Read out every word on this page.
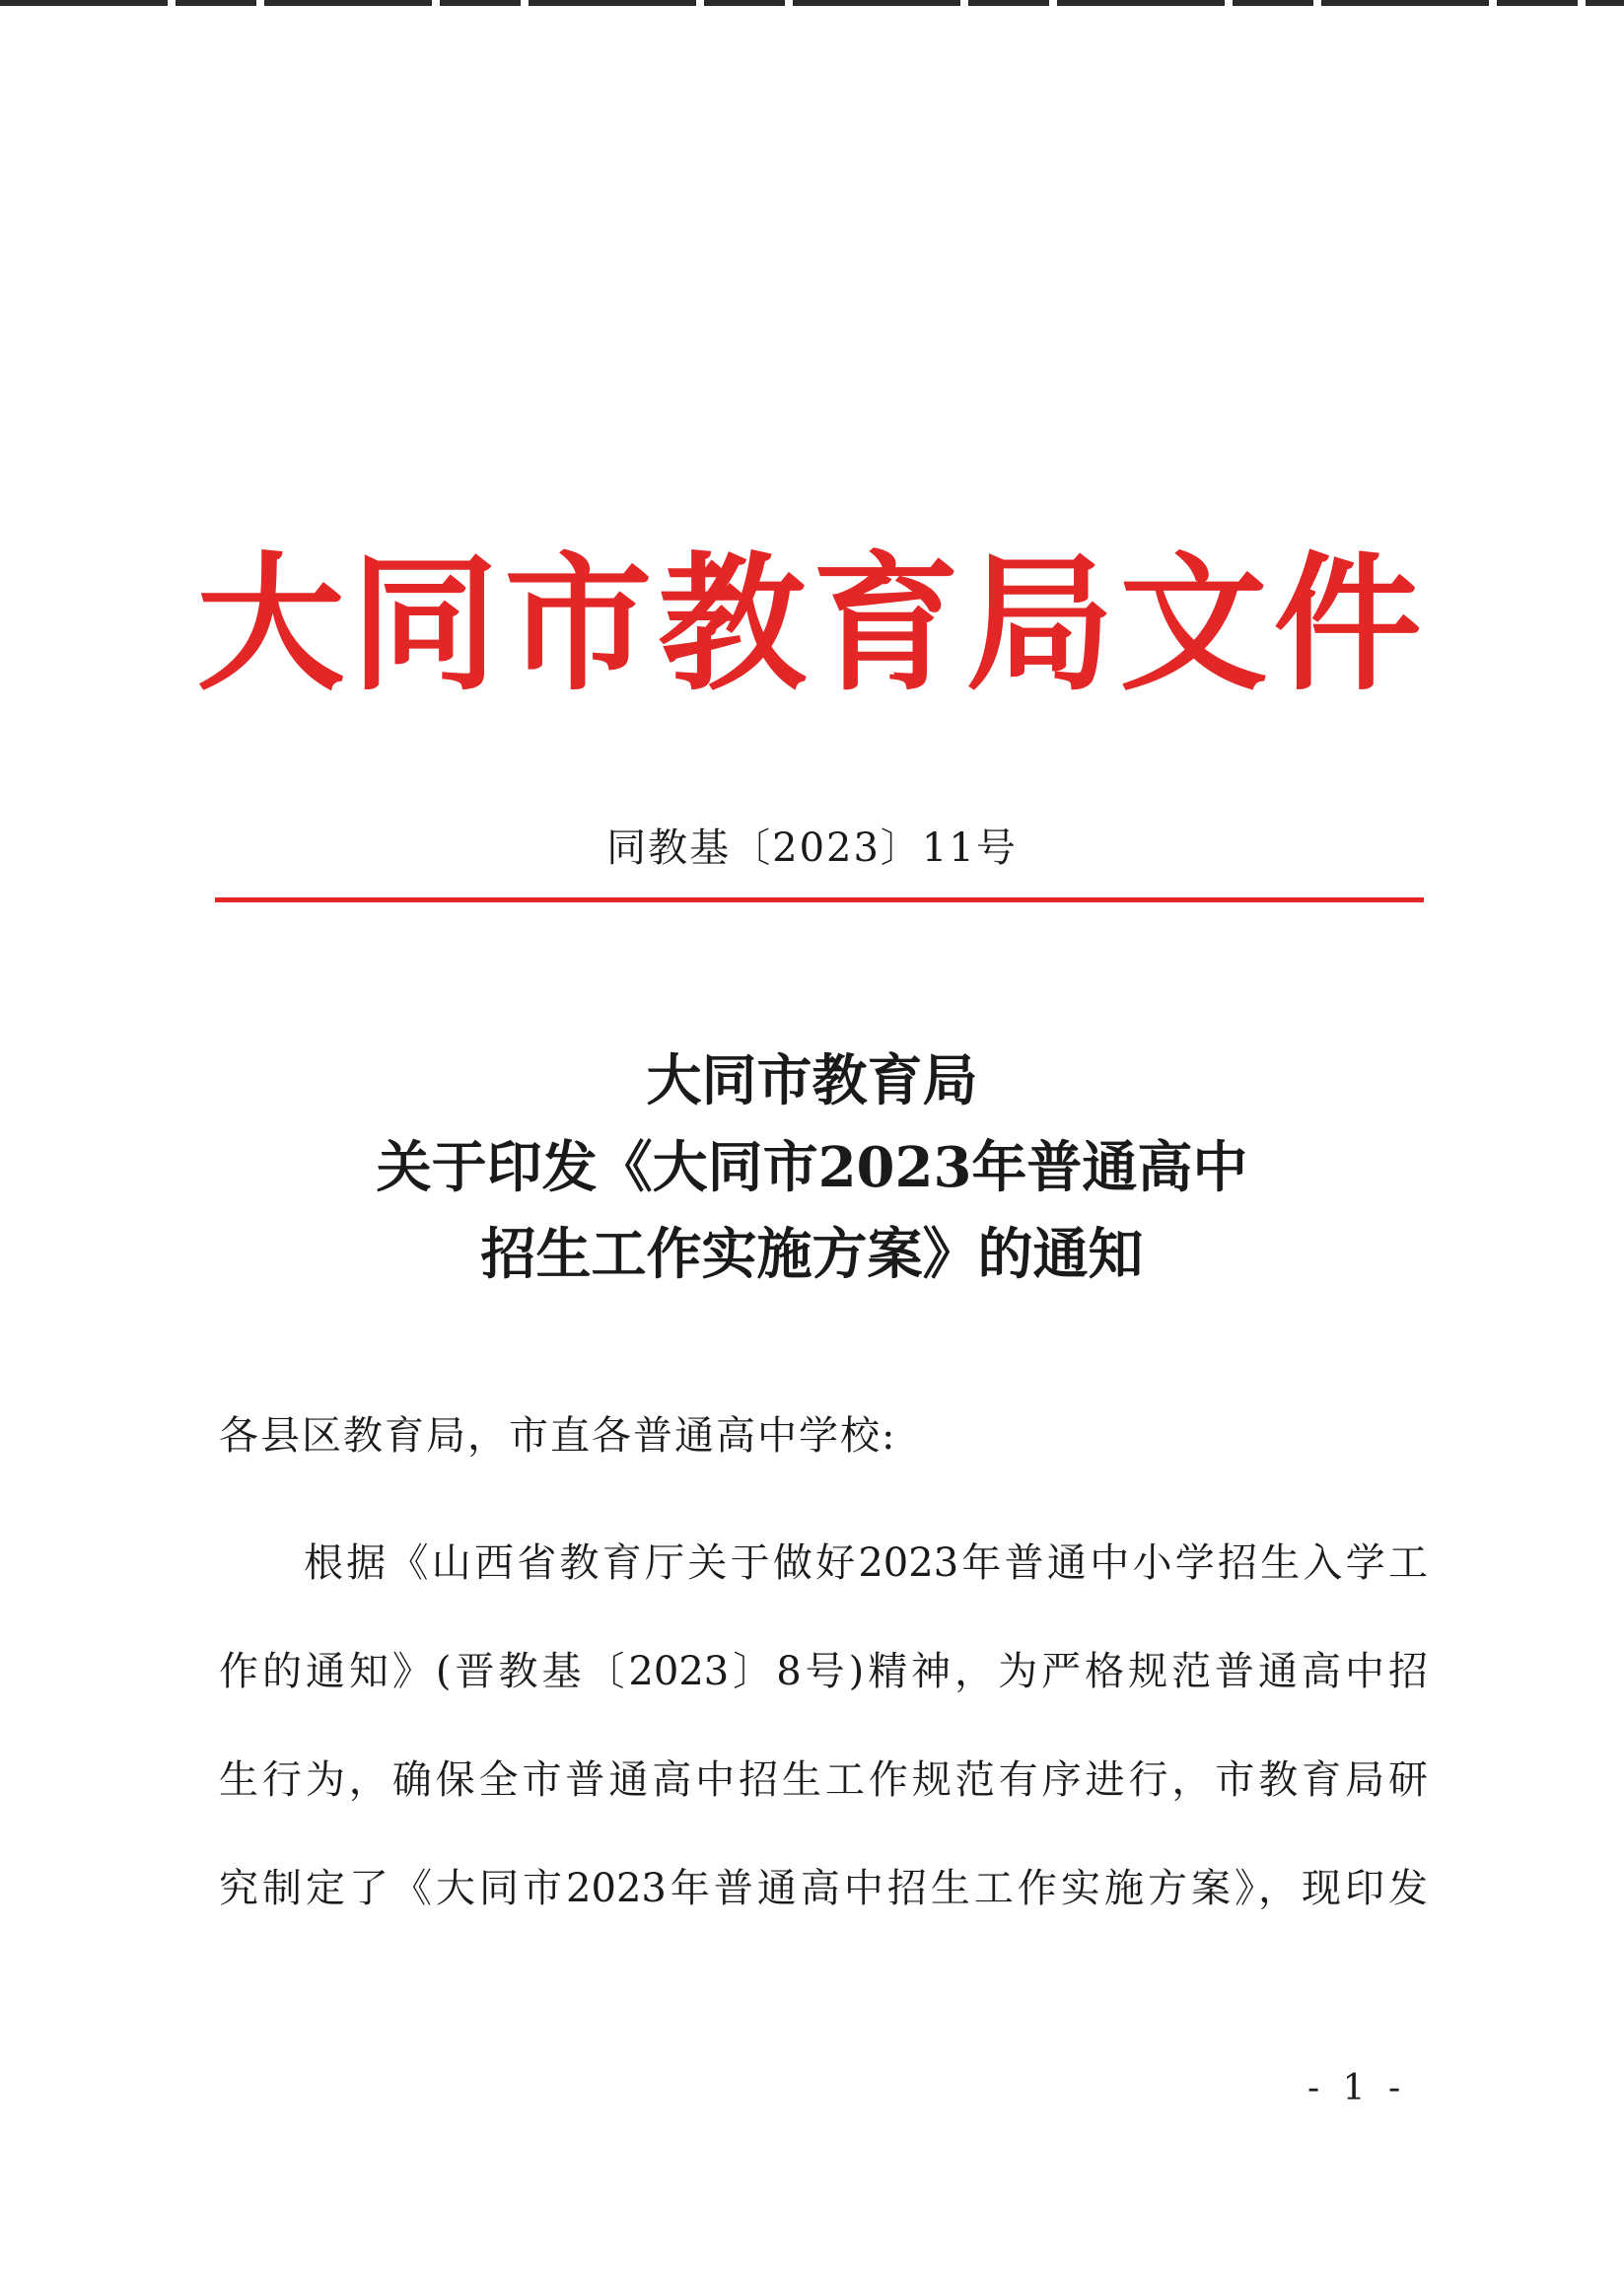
大同市教育局文件
同教基〔2023〕11号
大同市教育局
关于印发《大同市2023年普通高中
招生工作实施方案》的通知
各县区教育局，市直各普通高中学校:
根据《山西省教育厅关于做好2023年普通中小学招生入学工
作的通知》(晋教基〔2023〕8号)精神，为严格规范普通高中招
生行为，确保全市普通高中招生工作规范有序进行，市教育局研
究制定了《大同市2023年普通高中招生工作实施方案》，现印发
- 1 -
